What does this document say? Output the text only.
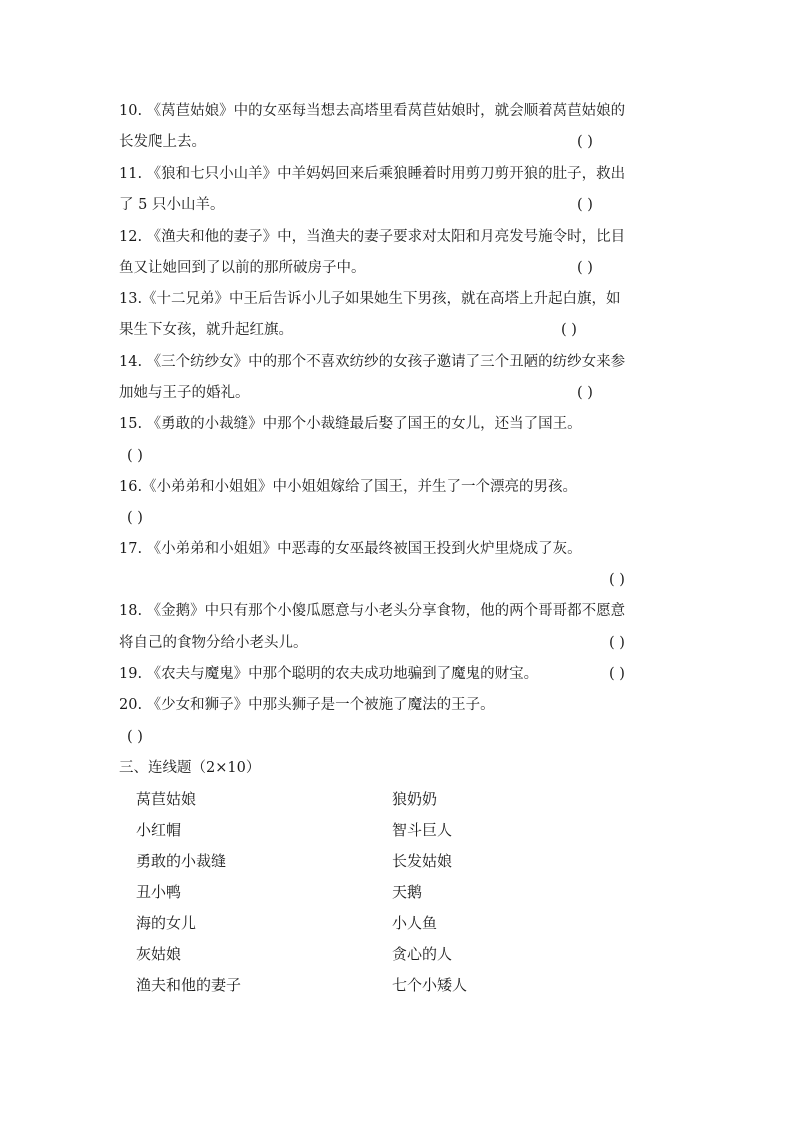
10. 《莴苣姑娘》中的女巫每当想去高塔里看莴苣姑娘时，就会顺着莴苣姑娘的
长发爬上去。	( )
11. 《狼和七只小山羊》中羊妈妈回来后乘狼睡着时用剪刀剪开狼的肚子，救出
了 5 只小山羊。	( )
12. 《渔夫和他的妻子》中，当渔夫的妻子要求对太阳和月亮发号施令时，比目
鱼又让她回到了以前的那所破房子中。	( )
13.《十二兄弟》中王后告诉小儿子如果她生下男孩，就在高塔上升起白旗，如
果生下女孩，就升起红旗。	( )
14. 《三个纺纱女》中的那个不喜欢纺纱的女孩子邀请了三个丑陋的纺纱女来参
加她与王子的婚礼。	( )
15. 《勇敢的小裁缝》中那个小裁缝最后娶了国王的女儿，还当了国王。
( )
16.《小弟弟和小姐姐》中小姐姐嫁给了国王，并生了一个漂亮的男孩。
( )
17. 《小弟弟和小姐姐》中恶毒的女巫最终被国王投到火炉里烧成了灰。
( )
18. 《金鹅》中只有那个小傻瓜愿意与小老头分享食物，他的两个哥哥都不愿意
将自己的食物分给小老头儿。	( )
19. 《农夫与魔鬼》中那个聪明的农夫成功地骗到了魔鬼的财宝。	( )
20. 《少女和狮子》中那头狮子是一个被施了魔法的王子。
( )
三、连线题（2×10）
莴苣姑娘	狼奶奶
小红帽	智斗巨人
勇敢的小裁缝	长发姑娘
丑小鸭	天鹅
海的女儿	小人鱼
灰姑娘	贪心的人
渔夫和他的妻子	七个小矮人
